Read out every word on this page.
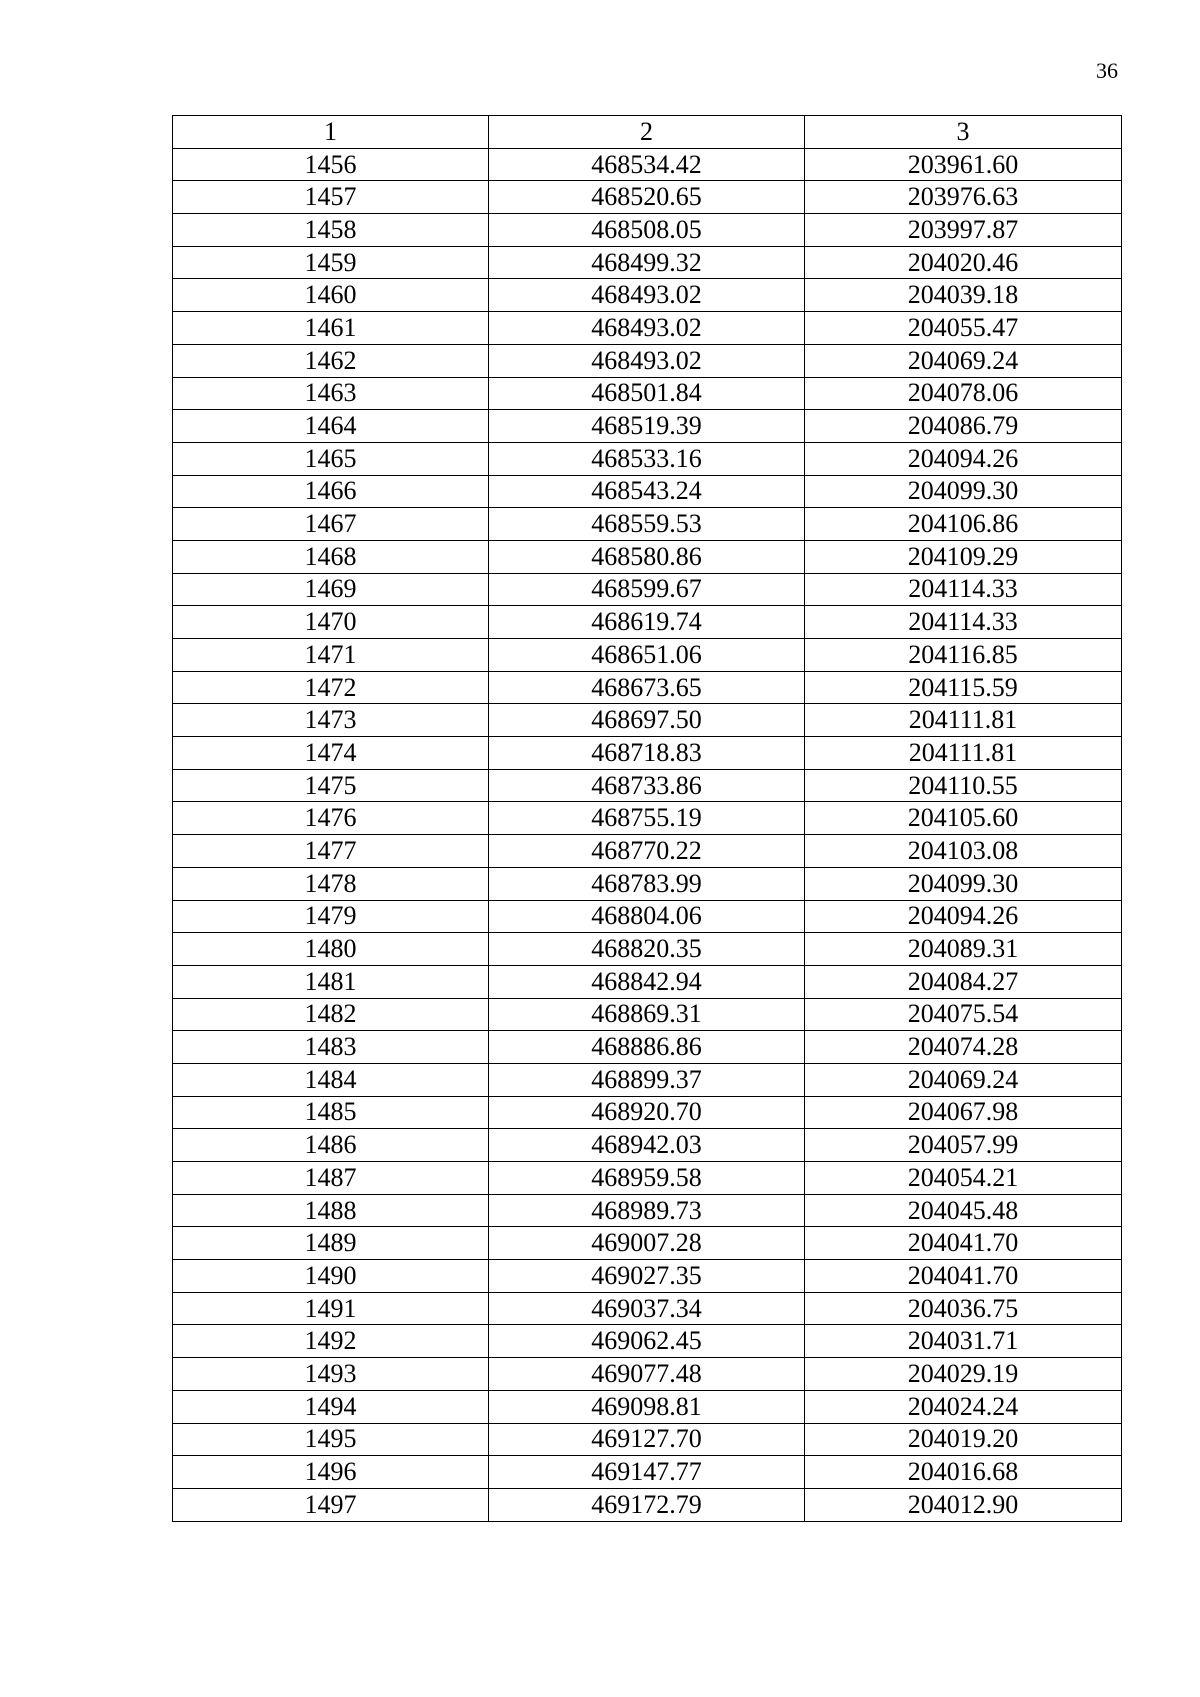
36
1	2	3
1456	468534.42	203961.60
1457	468520.65	203976.63
1458	468508.05	203997.87
1459	468499.32	204020.46
1460	468493.02	204039.18
1461	468493.02	204055.47
1462	468493.02	204069.24
1463	468501.84	204078.06
1464	468519.39	204086.79
1465	468533.16	204094.26
1466	468543.24	204099.30
1467	468559.53	204106.86
1468	468580.86	204109.29
1469	468599.67	204114.33
1470	468619.74	204114.33
1471	468651.06	204116.85
1472	468673.65	204115.59
1473	468697.50	204111.81
1474	468718.83	204111.81
1475	468733.86	204110.55
1476	468755.19	204105.60
1477	468770.22	204103.08
1478	468783.99	204099.30
1479	468804.06	204094.26
1480	468820.35	204089.31
1481	468842.94	204084.27
1482	468869.31	204075.54
1483	468886.86	204074.28
1484	468899.37	204069.24
1485	468920.70	204067.98
1486	468942.03	204057.99
1487	468959.58	204054.21
1488	468989.73	204045.48
1489	469007.28	204041.70
1490	469027.35	204041.70
1491	469037.34	204036.75
1492	469062.45	204031.71
1493	469077.48	204029.19
1494	469098.81	204024.24
1495	469127.70	204019.20
1496	469147.77	204016.68
1497	469172.79	204012.90
